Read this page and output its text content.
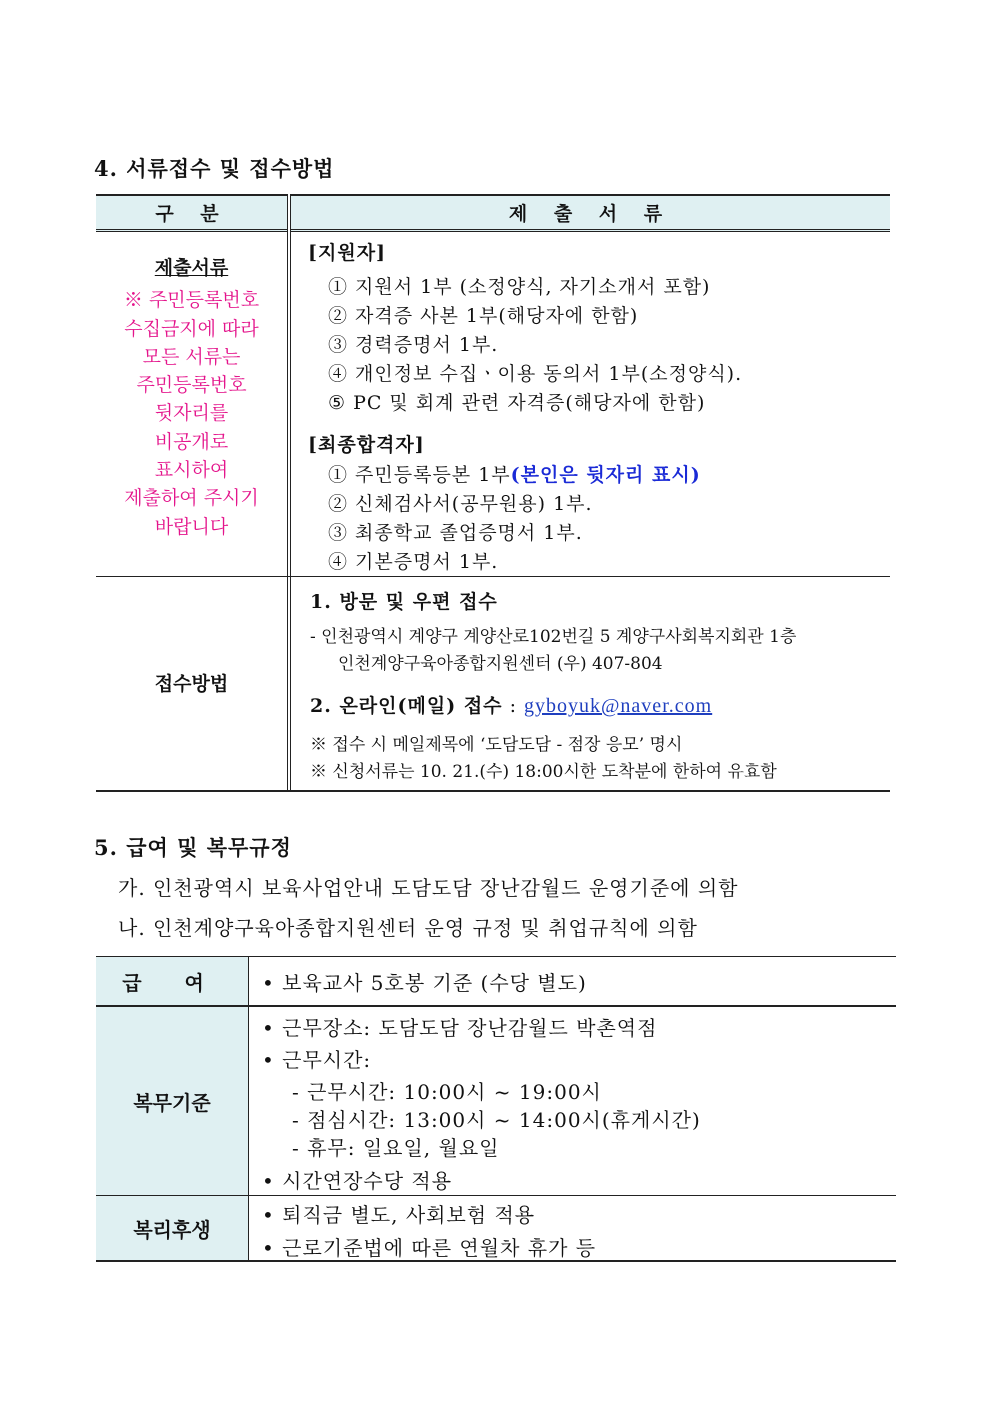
4. 서류접수 및 접수방법
구 분	제 출 서 류
제출서류
※ 주민등록번호
수집금지에 따라
모든 서류는
주민등록번호
뒷자리를
비공개로
표시하여
제출하여 주시기
바랍니다
[지원자]
① 지원서 1부 (소정양식, 자기소개서 포함)
② 자격증 사본 1부(해당자에 한함)
③ 경력증명서 1부.
④ 개인정보 수집ㆍ이용 동의서 1부(소정양식).
⑤ PC 및 회계 관련 자격증(해당자에 한함)
[최종합격자]
① 주민등록등본 1부(본인은 뒷자리 표시)
② 신체검사서(공무원용) 1부.
③ 최종학교 졸업증명서 1부.
④ 기본증명서 1부.
접수방법
1. 방문 및 우편 접수
- 인천광역시 계양구 계양산로102번길 5 계양구사회복지회관 1층
인천계양구육아종합지원센터 (우) 407-804
2. 온라인(메일) 접수 : gyboyuk@naver.com
※ 접수 시 메일제목에 ‘도담도담 - 점장 응모’ 명시
※ 신청서류는 10. 21.(수) 18:00시한 도착분에 한하여 유효함
5. 급여 및 복무규정
가. 인천광역시 보육사업안내 도담도담 장난감월드 운영기준에 의함
나. 인천계양구육아종합지원센터 운영 규정 및 취업규칙에 의함
급 여
복무기준
복리후생
• 보육교사 5호봉 기준 (수당 별도)
• 근무장소: 도담도담 장난감월드 박촌역점
• 근무시간:
- 근무시간: 10:00시 ~ 19:00시
- 점심시간: 13:00시 ~ 14:00시(휴게시간)
- 휴무: 일요일, 월요일
• 시간연장수당 적용
• 퇴직금 별도, 사회보험 적용
• 근로기준법에 따른 연월차 휴가 등
